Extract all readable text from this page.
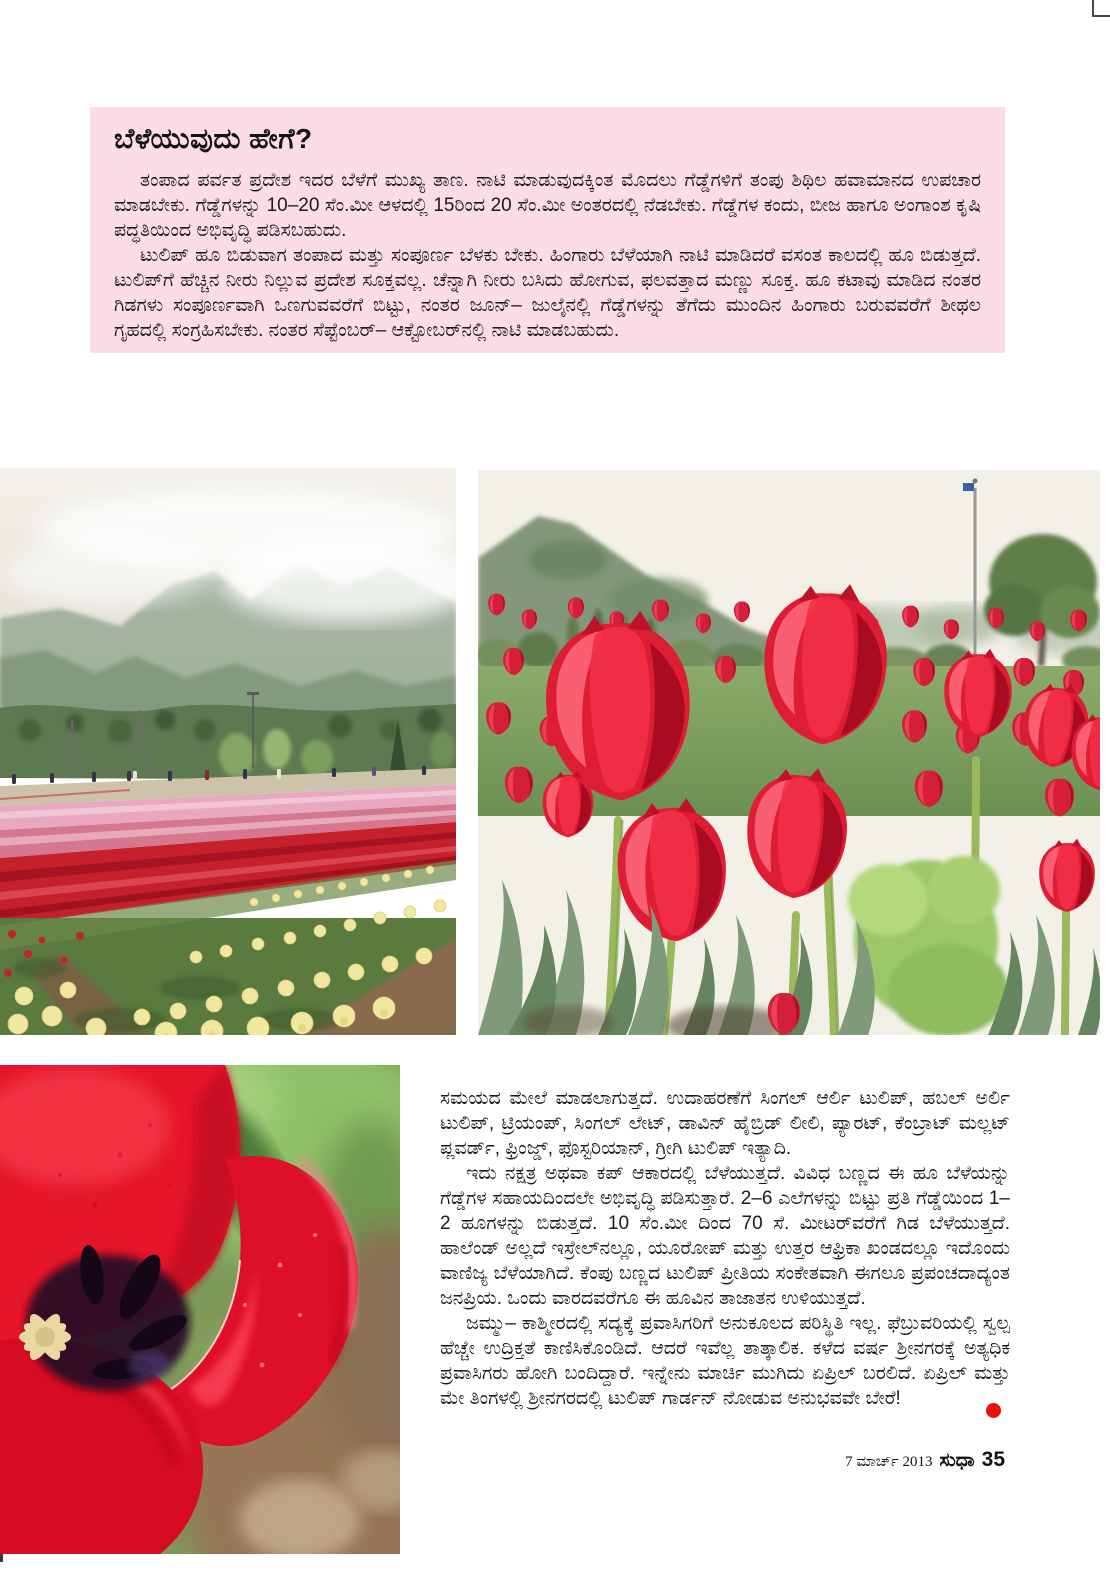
ಬೆಳೆಯುವುದು ಹೇಗೆ?

ತಂಪಾದ ಪರ್ವತ ಪ್ರದೇಶ ಇದರ ಬೆಳೆಗೆ ಮುಖ್ಯ ತಾಣ. ನಾಟಿ ಮಾಡುವುದಕ್ಕಿಂತ ಮೊದಲು ಗೆಡ್ಡೆಗಳಿಗೆ ತಂಪು ಶಿಥಿಲ ಹವಾಮಾನದ ಉಪಚಾರ ಮಾಡಬೇಕು. ಗೆಡ್ಡೆಗಳನ್ನು 10–20 ಸೆಂ.ಮೀ ಆಳದಲ್ಲಿ 15ರಿಂದ 20 ಸೆಂ.ಮೀ ಅಂತರದಲ್ಲಿ ನೆಡಬೇಕು. ಗೆಡ್ಡೆಗಳ ಕಂದು, ಬೀಜ ಹಾಗೂ ಅಂಗಾಂಶ ಕೃಷಿ ಪದ್ಧತಿಯಿಂದ ಅಭಿವೃದ್ಧಿ ಪಡಿಸಬಹುದು.

ಟುಲಿಪ್ ಹೂ ಬಿಡುವಾಗ ತಂಪಾದ ಮತ್ತು ಸಂಪೂರ್ಣ ಬೆಳಕು ಬೇಕು. ಹಿಂಗಾರು ಬೆಳೆಯಾಗಿ ನಾಟಿ ಮಾಡಿದರೆ ವಸಂತ ಕಾಲದಲ್ಲಿ ಹೂ ಬಿಡುತ್ತದೆ. ಟುಲಿಪ್‌ಗೆ ಹೆಚ್ಚಿನ ನೀರು ನಿಲ್ಲುವ ಪ್ರದೇಶ ಸೂಕ್ತವಲ್ಲ. ಚೆನ್ನಾಗಿ ನೀರು ಬಸಿದು ಹೋಗುವ, ಫಲವತ್ತಾದ ಮಣ್ಣು ಸೂಕ್ತ. ಹೂ ಕಟಾವು ಮಾಡಿದ ನಂತರ ಗಿಡಗಳು ಸಂಪೂರ್ಣವಾಗಿ ಒಣಗುವವರೆಗೆ ಬಿಟ್ಟು, ನಂತರ ಜೂನ್– ಜುಲೈನಲ್ಲಿ ಗೆಡ್ಡೆಗಳನ್ನು ತೆಗೆದು ಮುಂದಿನ ಹಿಂಗಾರು ಬರುವವರೆಗೆ ಶೀಥಲ ಗೃಹದಲ್ಲಿ ಸಂಗ್ರಹಿಸಬೇಕು. ನಂತರ ಸೆಪ್ಟೆಂಬರ್– ಆಕ್ಟೋಬರ್‌ನಲ್ಲಿ ನಾಟಿ ಮಾಡಬಹುದು.

ಸಮಯದ ಮೇಲೆ ಮಾಡಲಾಗುತ್ತದೆ. ಉದಾಹರಣೆಗೆ ಸಿಂಗಲ್ ಆರ್ಲಿ ಟುಲಿಪ್, ಹಬಲ್ ಅರ್ಲಿ ಟುಲಿಪ್, ಟ್ರಿಯಂಪ್, ಸಿಂಗಲ್ ಲೇಟ್, ಡಾವಿನ್ ಹೈಬ್ರಿಡ್ ಲೀಲಿ, ಪ್ಯಾರಟ್, ಕೆಂಬ್ರಾಟ್ ಮಲ್ಲಟ್ ಪ್ಲವರ್ಡ್, ಫ್ರಿಂಜ್ಡ್, ಫೊಸ್ಟರಿಯಾನ್, ಗ್ರೀಗಿ ಟುಲಿಪ್ ಇತ್ಯಾದಿ.

ಇದು ನಕ್ಷತ್ರ ಅಥವಾ ಕಪ್ ಆಕಾರದಲ್ಲಿ ಬೆಳೆಯುತ್ತದೆ. ವಿವಿಧ ಬಣ್ಣದ ಈ ಹೂ ಬೆಳೆಯನ್ನು ಗೆಡ್ಡೆಗಳ ಸಹಾಯದಿಂದಲೇ ಅಭಿವೃದ್ಧಿ ಪಡಿಸುತ್ತಾರೆ. 2–6 ಎಲೆಗಳನ್ನು ಬಿಟ್ಟು ಪ್ರತಿ ಗೆಡ್ಡೆಯಿಂದ 1– 2 ಹೂಗಳನ್ನು ಬಿಡುತ್ತದೆ. 10 ಸೆಂ.ಮೀ ದಿಂದ 70 ಸೆ. ಮೀಟರ್‌ವರೆಗೆ ಗಿಡ ಬೆಳೆಯುತ್ತದೆ. ಹಾಲೆಂಡ್ ಅಲ್ಲದೆ ಇಸ್ರೇಲ್‌ನಲ್ಲೂ, ಯೂರೋಪ್ ಮತ್ತು ಉತ್ತರ ಆಫ್ರಿಕಾ ಖಂಡದಲ್ಲೂ ಇದೊಂದು ವಾಣಿಜ್ಯ ಬೆಳೆಯಾಗಿದೆ. ಕೆಂಪು ಬಣ್ಣದ ಟುಲಿಪ್ ಪ್ರೀತಿಯ ಸಂಕೇತವಾಗಿ ಈಗಲೂ ಪ್ರಪಂಚದಾದ್ಯಂತ ಜನಪ್ರಿಯ. ಒಂದು ವಾರದವರೆಗೂ ಈ ಹೂವಿನ ತಾಜಾತನ ಉಳಿಯುತ್ತದೆ.

ಜಮ್ಮು– ಕಾಶ್ಮೀರದಲ್ಲಿ ಸದ್ಯಕ್ಕೆ ಪ್ರವಾಸಿಗರಿಗೆ ಅನುಕೂಲದ ಪರಿಸ್ಥಿತಿ ಇಲ್ಲ. ಫೆಬ್ರುವರಿಯಲ್ಲಿ ಸ್ವಲ್ಪ ಹೆಚ್ಚೇ ಉದ್ರಿಕ್ತತೆ ಕಾಣಿಸಿಕೊಂಡಿದೆ. ಆದರೆ ಇವೆಲ್ಲ ತಾತ್ಕಾಲಿಕ. ಕಳೆದ ವರ್ಷ ಶ್ರೀನಗರಕ್ಕೆ ಅತ್ಯಧಿಕ ಪ್ರವಾಸಿಗರು ಹೋಗಿ ಬಂದಿದ್ದಾರೆ. ಇನ್ನೇನು ಮಾರ್ಚಿ ಮುಗಿದು ಏಪ್ರಿಲ್ ಬರಲಿದೆ. ಏಪ್ರಿಲ್ ಮತ್ತು ಮೇ ತಿಂಗಳಲ್ಲಿ ಶ್ರೀನಗರದಲ್ಲಿ ಟುಲಿಪ್ ಗಾರ್ಡನ್ ನೋಡುವ ಅನುಭವವೇ ಬೇರೆ!

7 ಮಾರ್ಚ್ 2013 ಸುಧಾ 35
